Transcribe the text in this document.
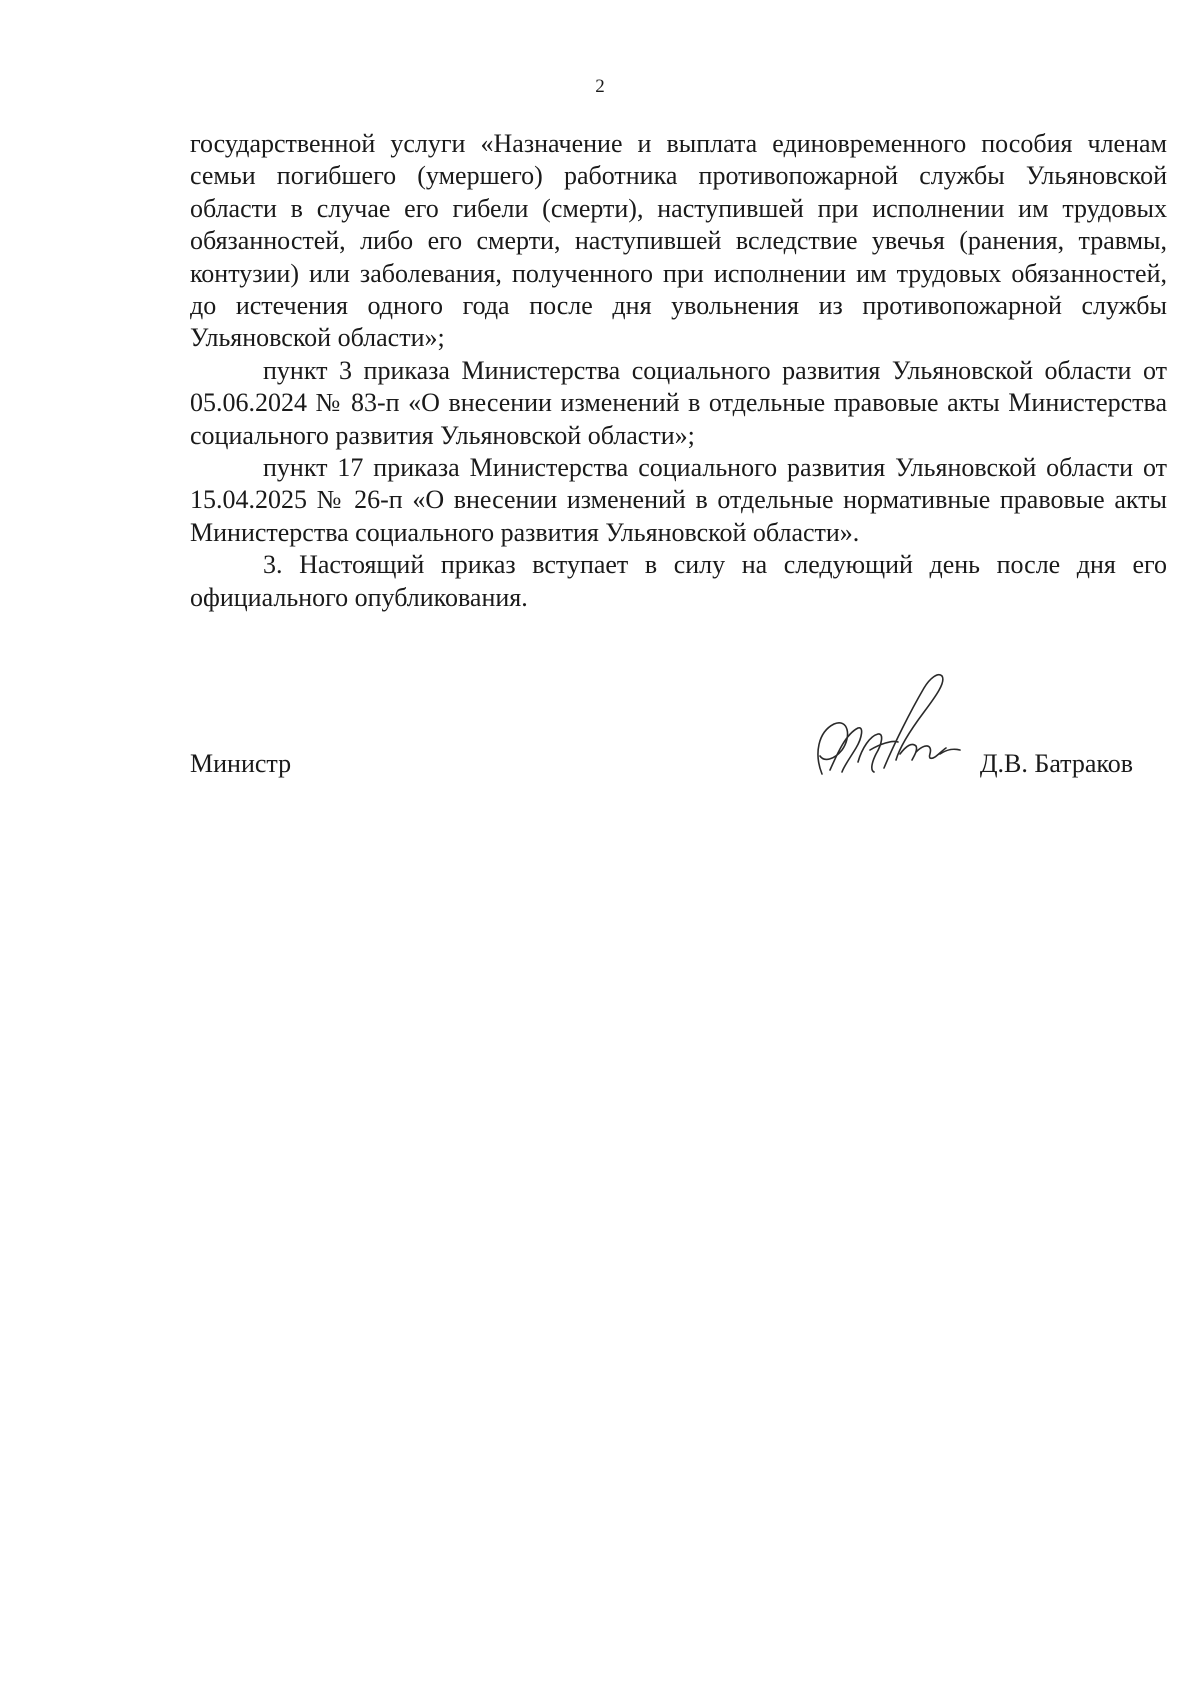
2

государственной услуги «Назначение и выплата единовременного пособия членам семьи погибшего (умершего) работника противопожарной службы Ульяновской области в случае его гибели (смерти), наступившей при исполнении им трудовых обязанностей, либо его смерти, наступившей вследствие увечья (ранения, травмы, контузии) или заболевания, полученного при исполнении им трудовых обязанностей, до истечения одного года после дня увольнения из противопожарной службы Ульяновской области»;

пункт 3 приказа Министерства социального развития Ульяновской области от 05.06.2024 № 83-п «О внесении изменений в отдельные правовые акты Министерства социального развития Ульяновской области»;

пункт 17 приказа Министерства социального развития Ульяновской области от 15.04.2025 № 26-п «О внесении изменений в отдельные нормативные правовые акты Министерства социального развития Ульяновской области».

3. Настоящий приказ вступает в силу на следующий день после дня его официального опубликования.

Министр	Д.В. Батраков
